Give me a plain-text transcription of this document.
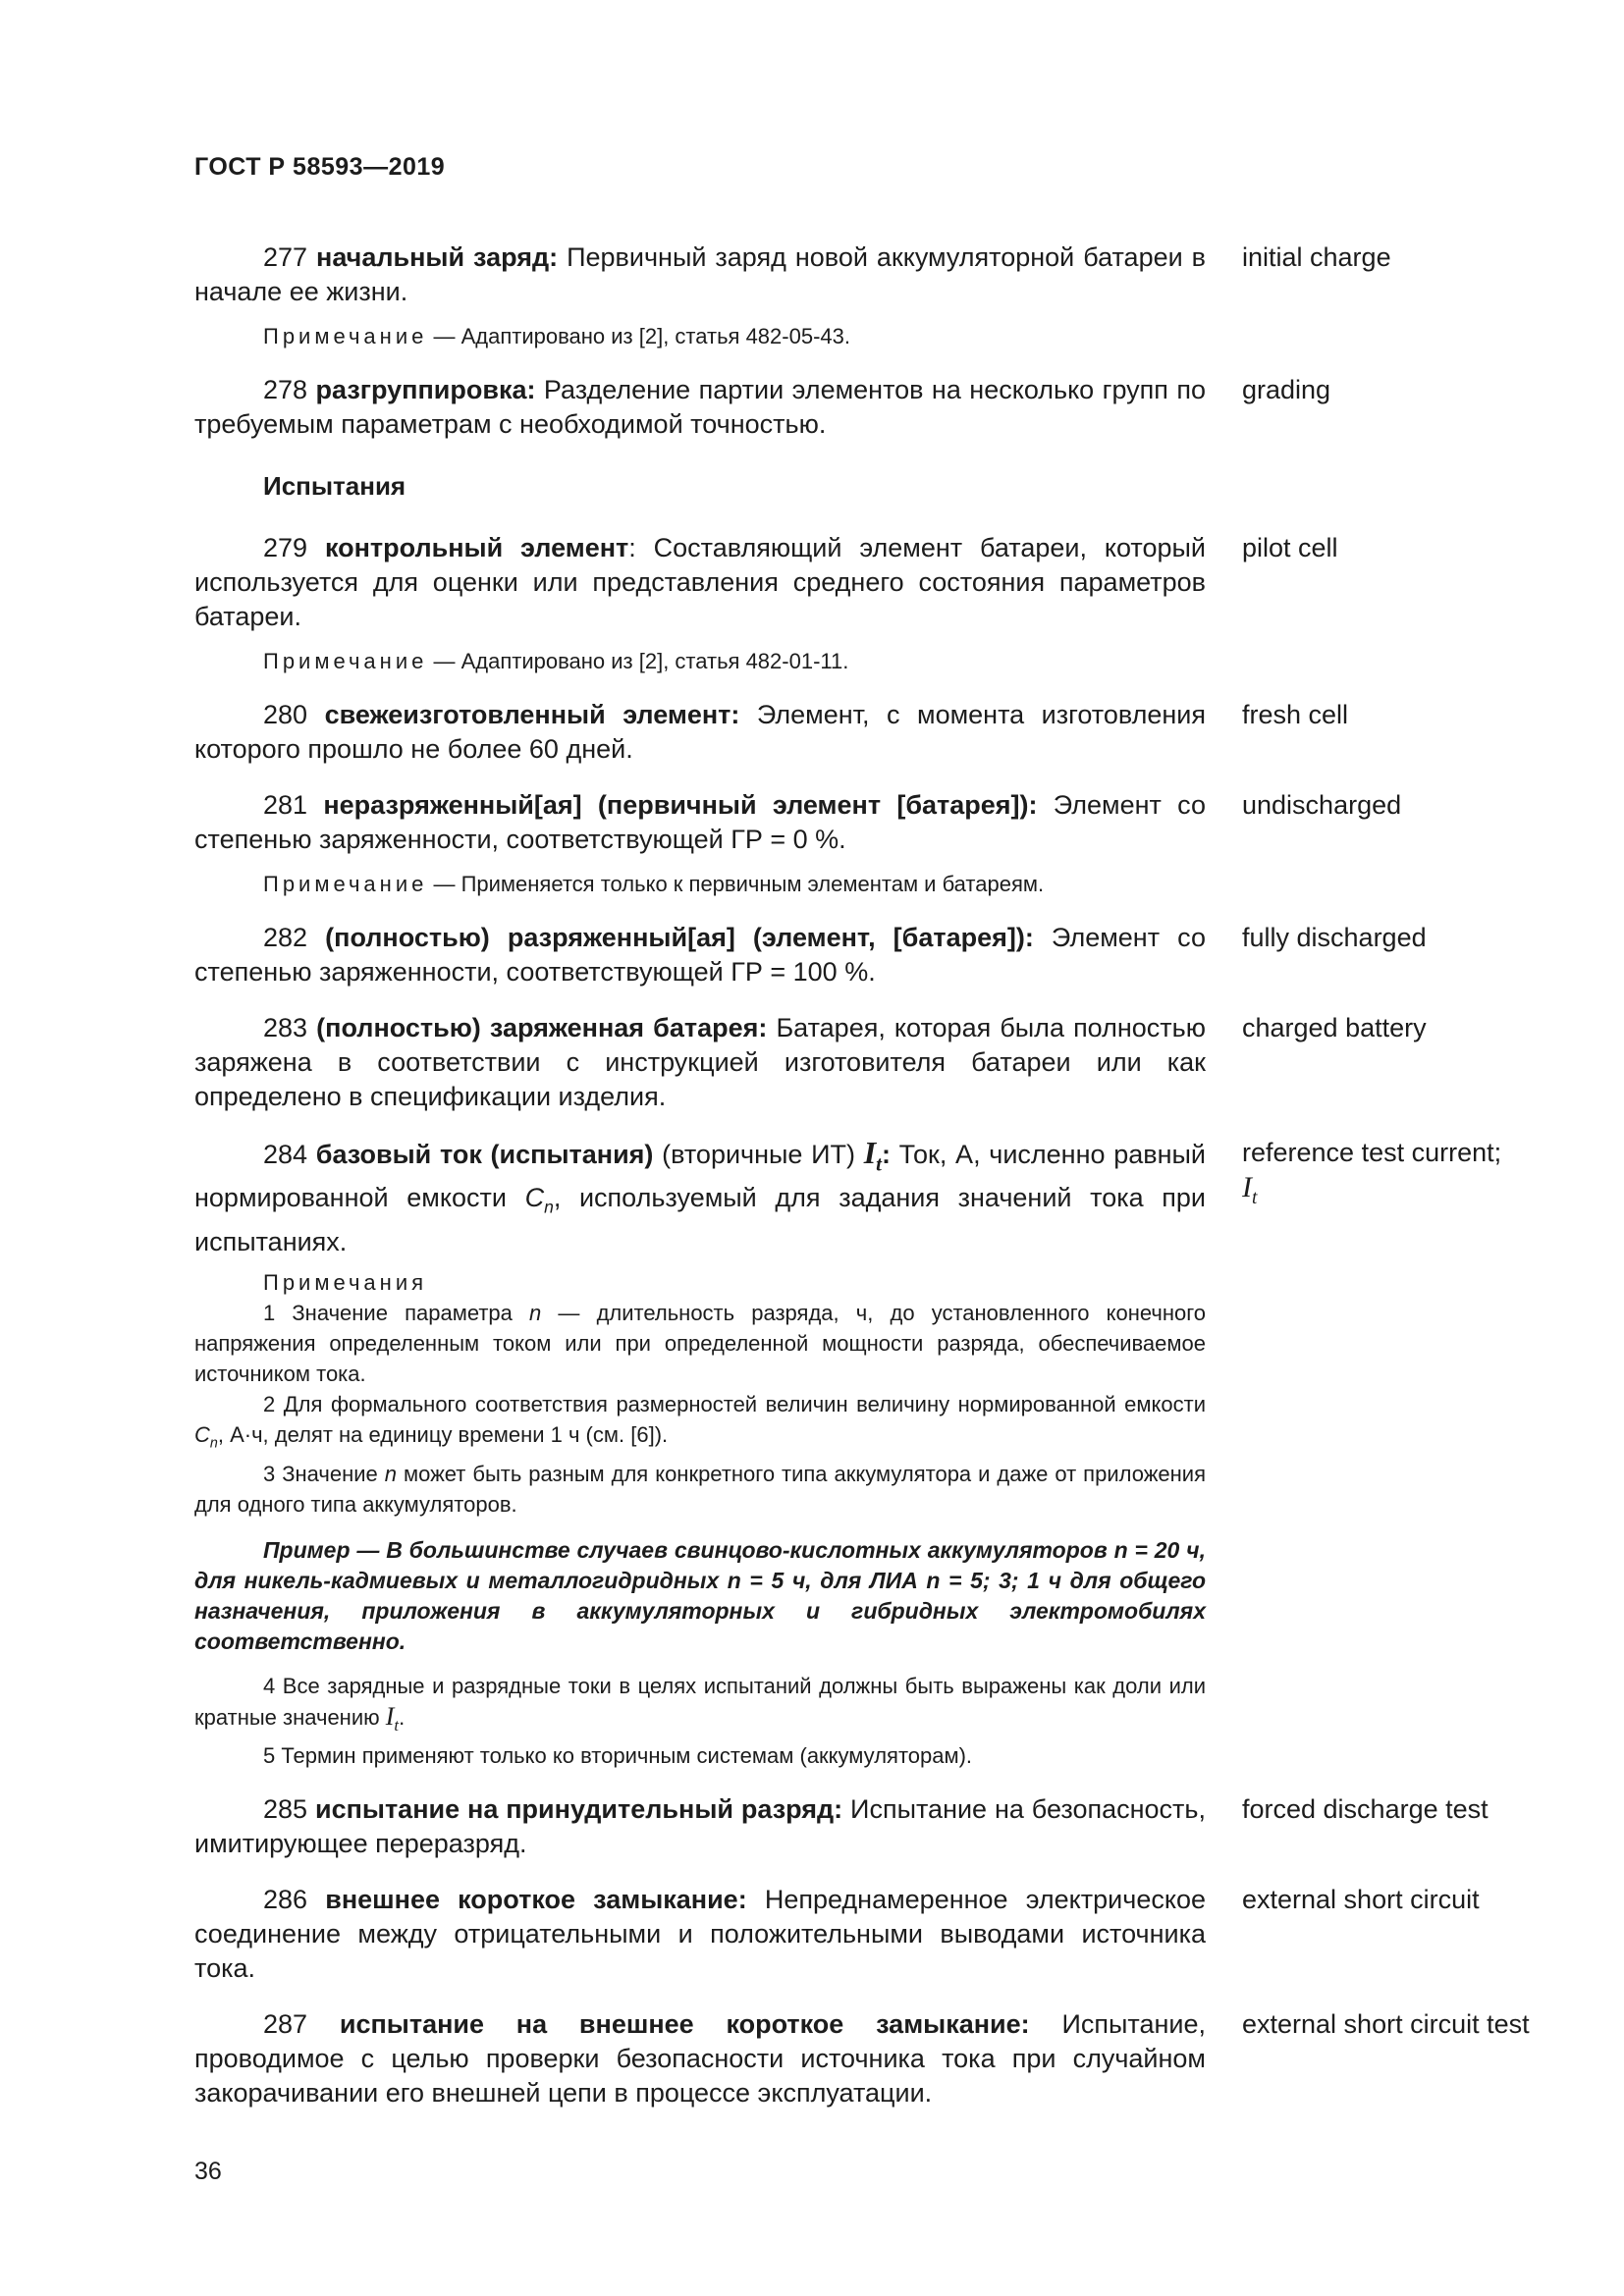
ГОСТ Р 58593—2019
277 начальный заряд: Первичный заряд новой аккумуляторной батареи в начале ее жизни.
initial charge
Примечание — Адаптировано из [2], статья 482-05-43.
278 разгруппировка: Разделение партии элементов на несколько групп по требуемым параметрам с необходимой точностью.
grading
Испытания
279 контрольный элемент: Составляющий элемент батареи, который используется для оценки или представления среднего состояния параметров батареи.
pilot cell
Примечание — Адаптировано из [2], статья 482-01-11.
280 свежеизготовленный элемент: Элемент, с момента изготовления которого прошло не более 60 дней.
fresh cell
281 неразряженный[ая] (первичный элемент [батарея]): Элемент со степенью заряженности, соответствующей ГР = 0 %.
undischarged
Примечание — Применяется только к первичным элементам и батареям.
282 (полностью) разряженный[ая] (элемент, [батарея]): Элемент со степенью заряженности, соответствующей ГР = 100 %.
fully discharged
283 (полностью) заряженная батарея: Батарея, которая была полностью заряжена в соответствии с инструкцией изготовителя батареи или как определено в спецификации изделия.
charged battery
284 базовый ток (испытания) (вторичные ИТ) $I_t$: Ток, А, численно равный нормированной емкости $C_n$, используемый для задания значений тока при испытаниях.
reference test current;
$I_t$
Примечания
1 Значение параметра n — длительность разряда, ч, до установленного конечного напряжения определенным током или при определенной мощности разряда, обеспечиваемое источником тока.
2 Для формального соответствия размерностей величин величину нормированной емкости $C_n$, А·ч, делят на единицу времени 1 ч (см. [6]).
3 Значение n может быть разным для конкретного типа аккумулятора и даже от приложения для одного типа аккумуляторов.
Пример — В большинстве случаев свинцово-кислотных аккумуляторов n = 20 ч, для никель-кадмиевых и металлогидридных n = 5 ч, для ЛИА n = 5; 3; 1 ч для общего назначения, приложения в аккумуляторных и гибридных электромобилях соответственно.
4 Все зарядные и разрядные токи в целях испытаний должны быть выражены как доли или кратные значению $I_t$.
5 Термин применяют только ко вторичным системам (аккумуляторам).
285 испытание на принудительный разряд: Испытание на безопасность, имитирующее переразряд.
forced discharge test
286 внешнее короткое замыкание: Непреднамеренное электрическое соединение между отрицательными и положительными выводами источника тока.
external short circuit
287 испытание на внешнее короткое замыкание: Испытание, проводимое с целью проверки безопасности источника тока при случайном закорачивании его внешней цепи в процессе эксплуатации.
external short circuit test
36
